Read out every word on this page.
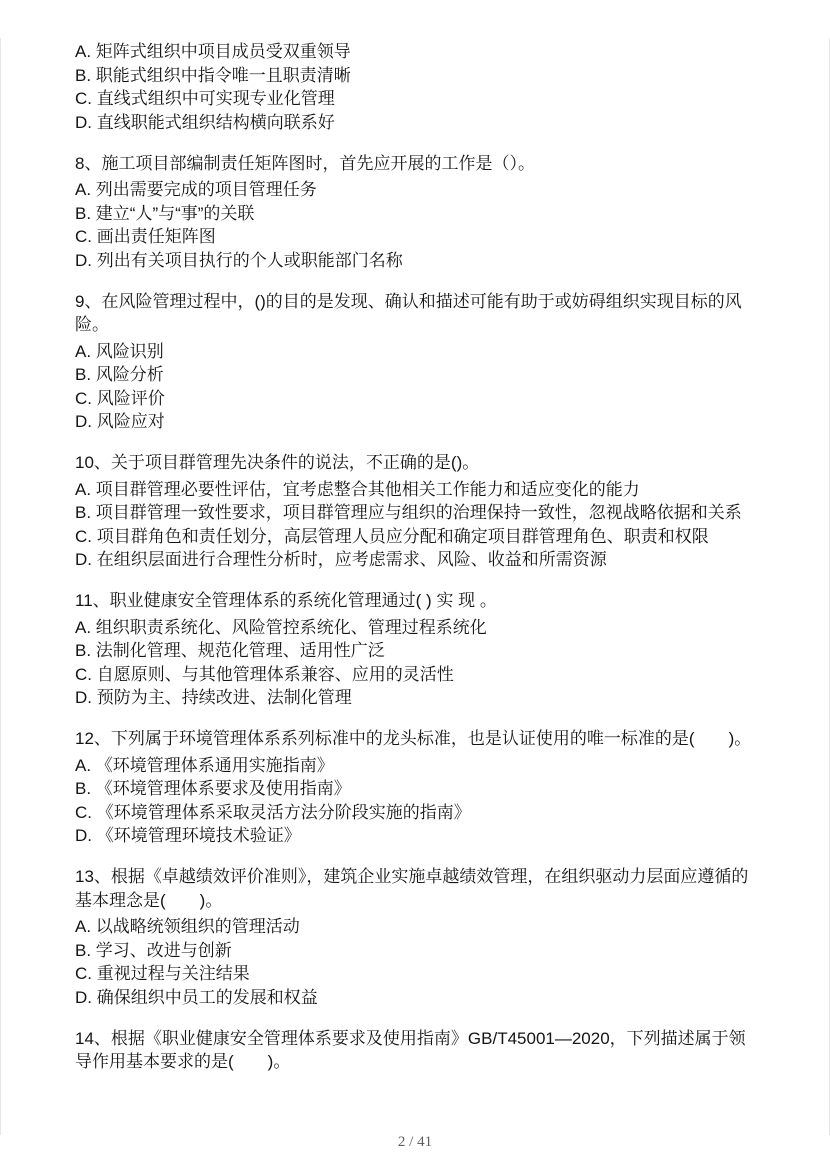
A. 矩阵式组织中项目成员受双重领导
B. 职能式组织中指令唯一且职责清晰
C. 直线式组织中可实现专业化管理
D. 直线职能式组织结构横向联系好
8、施工项目部编制责任矩阵图时，首先应开展的工作是（）。
A. 列出需要完成的项目管理任务
B. 建立“人”与“事”的关联
C. 画出责任矩阵图
D. 列出有关项目执行的个人或职能部门名称
9、在风险管理过程中，()的目的是发现、确认和描述可能有助于或妨碍组织实现目标的风
险。
A. 风险识别
B. 风险分析
C. 风险评价
D. 风险应对
10、关于项目群管理先决条件的说法，不正确的是()。
A. 项目群管理必要性评估，宜考虑整合其他相关工作能力和适应变化的能力
B. 项目群管理一致性要求，项目群管理应与组织的治理保持一致性，忽视战略依据和关系
C. 项目群角色和责任划分，高层管理人员应分配和确定项目群管理角色、职责和权限
D. 在组织层面进行合理性分析时，应考虑需求、风险、收益和所需资源
11、职业健康安全管理体系的系统化管理通过( ) 实 现 。
A. 组织职责系统化、风险管控系统化、管理过程系统化
B. 法制化管理、规范化管理、适用性广泛
C. 自愿原则、与其他管理体系兼容、应用的灵活性
D. 预防为主、持续改进、法制化管理
12、下列属于环境管理体系系列标准中的龙头标准，也是认证使用的唯一标准的是(　　)。
A. 《环境管理体系通用实施指南》
B. 《环境管理体系要求及使用指南》
C. 《环境管理体系采取灵活方法分阶段实施的指南》
D. 《环境管理环境技术验证》
13、根据《卓越绩效评价准则》，建筑企业实施卓越绩效管理，在组织驱动力层面应遵循的
基本理念是(　　)。
A. 以战略统领组织的管理活动
B. 学习、改进与创新
C. 重视过程与关注结果
D. 确保组织中员工的发展和权益
14、根据《职业健康安全管理体系要求及使用指南》GB/T45001—2020，下列描述属于领
导作用基本要求的是(　　)。
2 / 41
